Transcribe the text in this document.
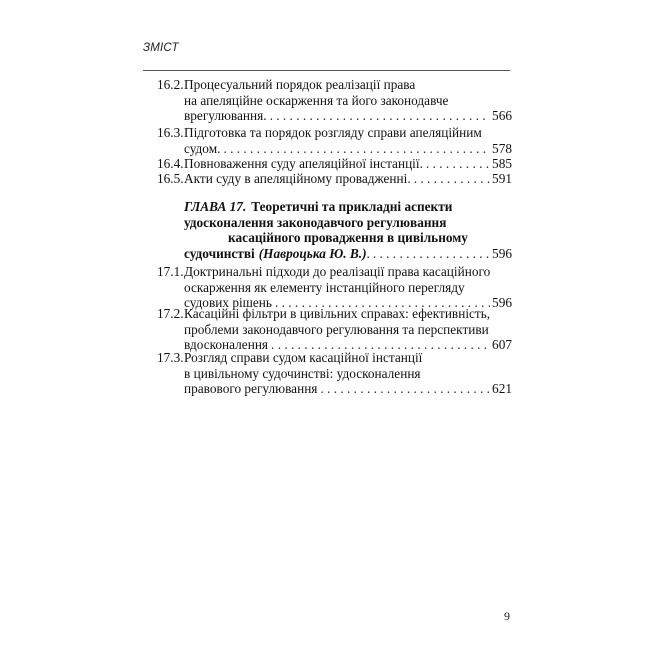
ЗМІСТ
16.2. Процесуальний порядок реалізації права
на апеляційне оскарження та його законодавче
врегулювання. . . .	566
16.3. Підготовка та порядок розгляду справи апеляційним
судом. . . .	578
16.4. Повноваження суду апеляційної інстанції. . . .	585
16.5. Акти суду в апеляційному провадженні. . . .	591
ГЛАВА 17. Теоретичні та прикладні аспекти
удосконалення законодавчого регулювання
касаційного провадження в цивільному
судочинстві (Навроцька Ю. В.) . . . .	596
17.1. Доктринальні підходи до реалізації права касаційного
оскарження як елементу інстанційного перегляду
судових рішень . . .	596
17.2. Касаційні фільтри в цивільних справах: ефективність,
проблеми законодавчого регулювання та перспективи
вдосконалення . . .	607
17.3. Розгляд справи судом касаційної інстанції
в цивільному судочинстві: удосконалення
правового регулювання . . .	621
9
